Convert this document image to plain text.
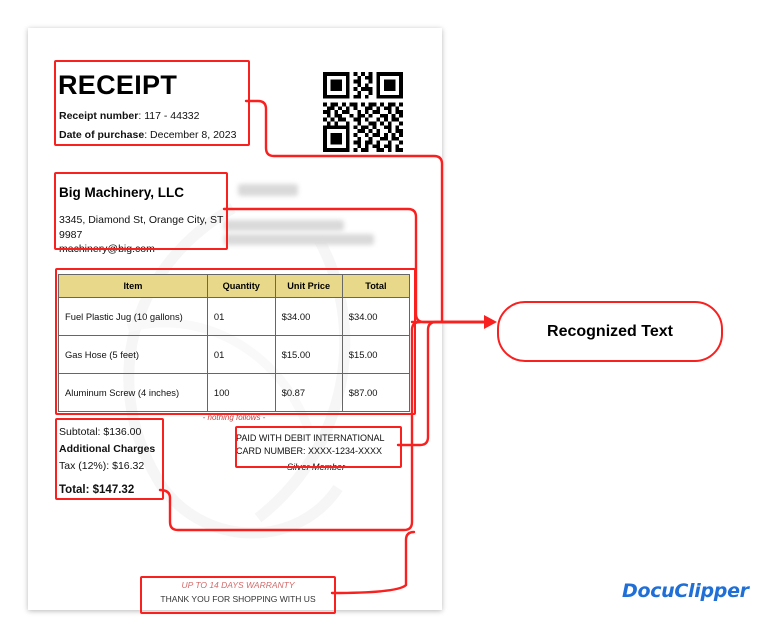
RECEIPT
Receipt number: 117 - 44332
Date of purchase: December 8, 2023
Big Machinery, LLC
3345, Diamond St, Orange City, ST 9987
machinery@big.com
Item	Quantity	Unit Price	Total
Fuel Plastic Jug (10 gallons)	01	$34.00	$34.00
Gas Hose (5 feet)	01	$15.00	$15.00
Aluminum Screw (4 inches)	100	$0.87	$87.00
- nothing follows -
Subtotal: $136.00
Additional Charges
Tax (12%): $16.32
Total: $147.32
PAID WITH DEBIT INTERNATIONAL
CARD NUMBER: XXXX-1234-XXXX
Silver Member
UP TO 14 DAYS WARRANTY
THANK YOU FOR SHOPPING WITH US
Recognized Text
DocuClipper
